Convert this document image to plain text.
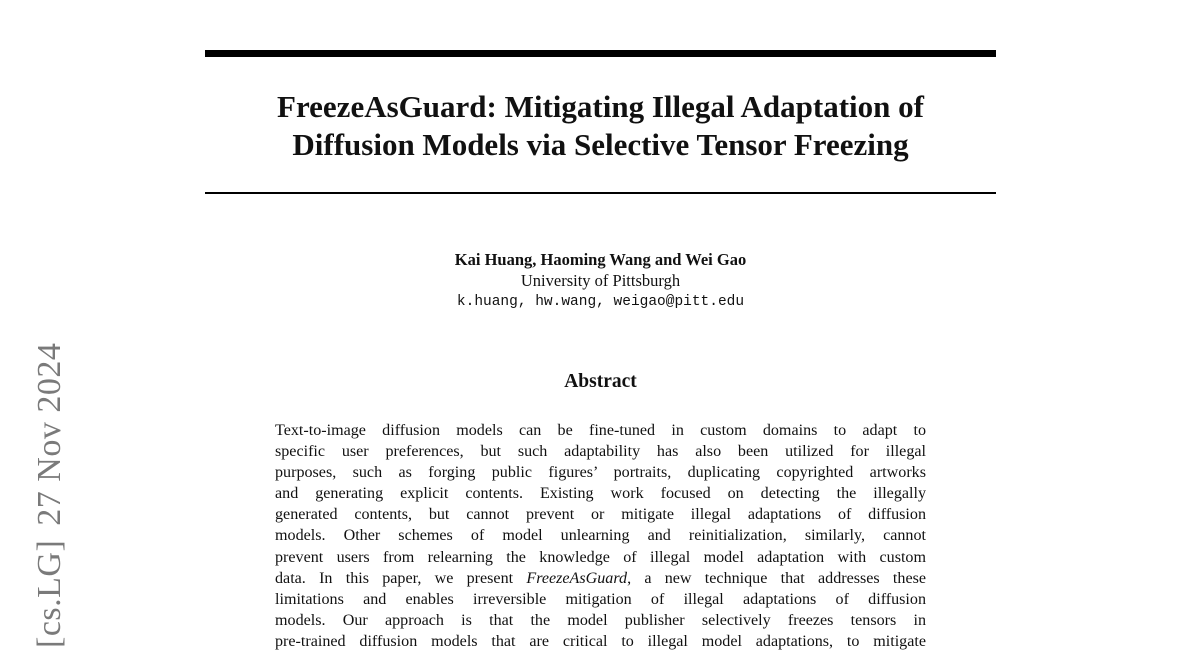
FreezeAsGuard: Mitigating Illegal Adaptation of
Diffusion Models via Selective Tensor Freezing
Kai Huang, Haoming Wang and Wei Gao
University of Pittsburgh
k.huang, hw.wang, weigao@pitt.edu
Abstract
Text-to-image diffusion models can be fine-tuned in custom domains to adapt to
specific user preferences, but such adaptability has also been utilized for illegal
purposes, such as forging public figures’ portraits, duplicating copyrighted artworks
and generating explicit contents. Existing work focused on detecting the illegally
generated contents, but cannot prevent or mitigate illegal adaptations of diffusion
models. Other schemes of model unlearning and reinitialization, similarly, cannot
prevent users from relearning the knowledge of illegal model adaptation with custom
data. In this paper, we present FreezeAsGuard, a new technique that addresses these
limitations and enables irreversible mitigation of illegal adaptations of diffusion
models. Our approach is that the model publisher selectively freezes tensors in
pre-trained diffusion models that are critical to illegal model adaptations, to mitigate
[cs.LG]27 Nov 2024
